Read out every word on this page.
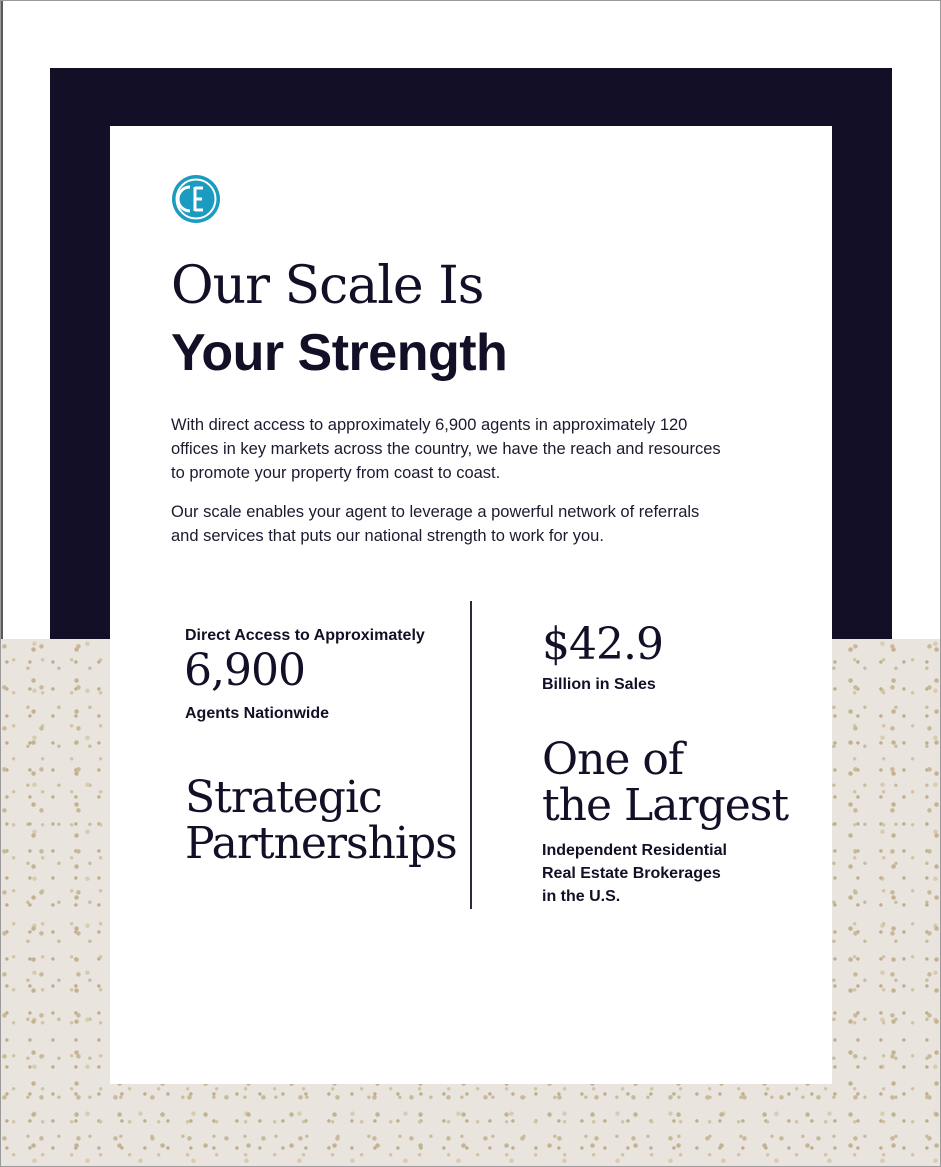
Our Scale Is
Your Strength

With direct access to approximately 6,900 agents in approximately 120 offices in key markets across the country, we have the reach and resources to promote your property from coast to coast.

Our scale enables your agent to leverage a powerful network of referrals and services that puts our national strength to work for you.

Direct Access to Approximately

6,900

Agents Nationwide

$42.9

Billion in Sales

Strategic
Partnerships
One of
the Largest
Independent Residential
Real Estate Brokerages
in the U.S.
